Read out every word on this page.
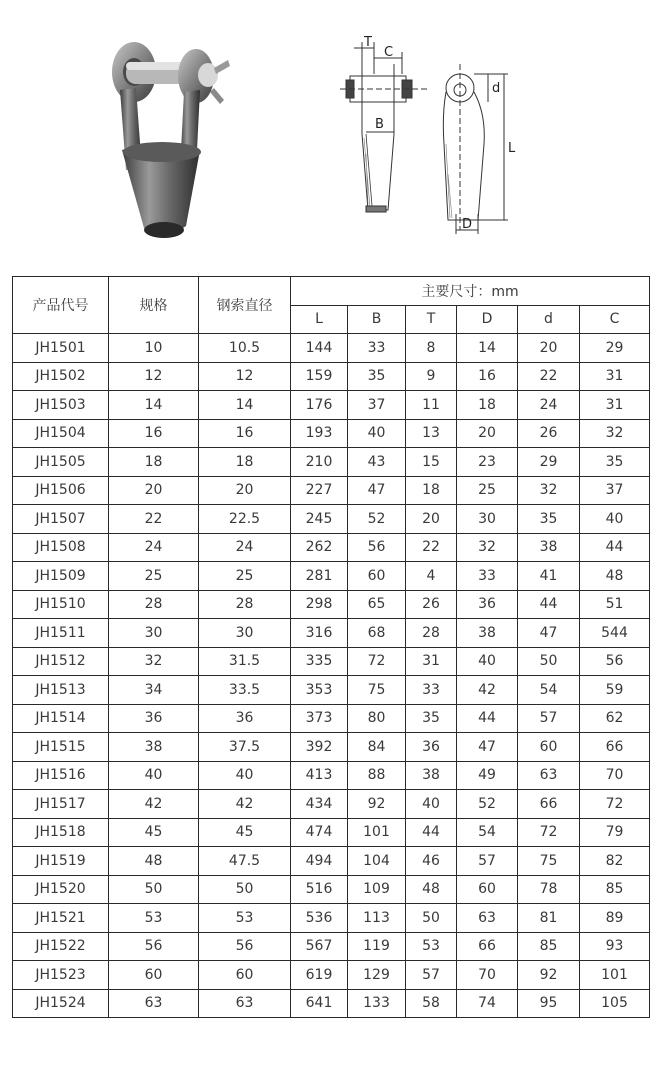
T
C
B
d
L
D
产品代号	规格	钢索直径	主要尺寸：mm					
			L	B	T	D	d	C
JH1501	10	10.5	144	33	8	14	20	29
JH1502	12	12	159	35	9	16	22	31
JH1503	14	14	176	37	11	18	24	31
JH1504	16	16	193	40	13	20	26	32
JH1505	18	18	210	43	15	23	29	35
JH1506	20	20	227	47	18	25	32	37
JH1507	22	22.5	245	52	20	30	35	40
JH1508	24	24	262	56	22	32	38	44
JH1509	25	25	281	60	4	33	41	48
JH1510	28	28	298	65	26	36	44	51
JH1511	30	30	316	68	28	38	47	544
JH1512	32	31.5	335	72	31	40	50	56
JH1513	34	33.5	353	75	33	42	54	59
JH1514	36	36	373	80	35	44	57	62
JH1515	38	37.5	392	84	36	47	60	66
JH1516	40	40	413	88	38	49	63	70
JH1517	42	42	434	92	40	52	66	72
JH1518	45	45	474	101	44	54	72	79
JH1519	48	47.5	494	104	46	57	75	82
JH1520	50	50	516	109	48	60	78	85
JH1521	53	53	536	113	50	63	81	89
JH1522	56	56	567	119	53	66	85	93
JH1523	60	60	619	129	57	70	92	101
JH1524	63	63	641	133	58	74	95	105
